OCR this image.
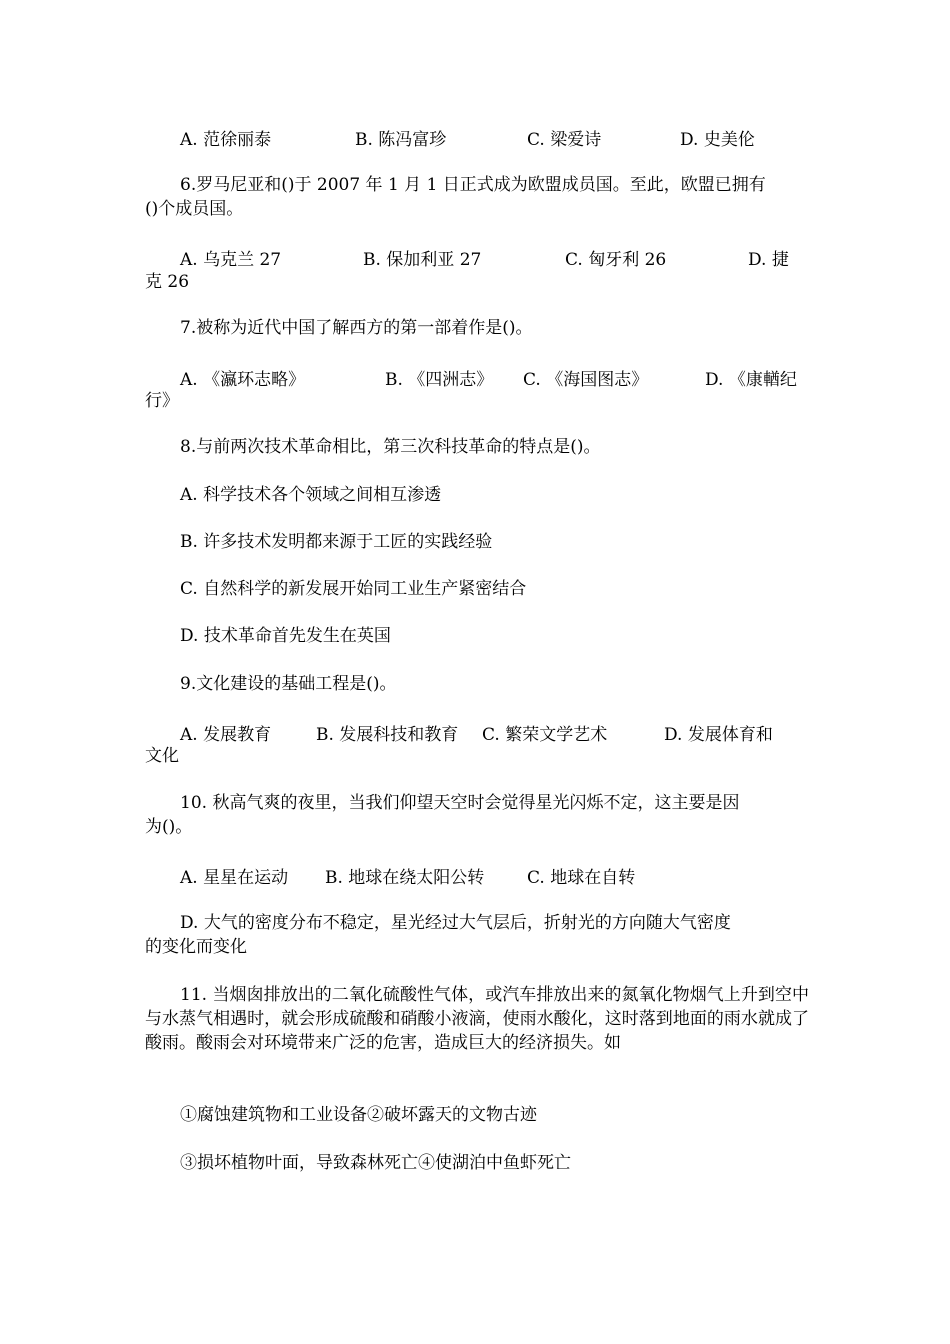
A. 范徐丽泰	B. 陈冯富珍	C. 梁爱诗	D. 史美伦
6.罗马尼亚和()于 2007 年 1 月 1 日正式成为欧盟成员国。至此，欧盟已拥有
()个成员国。
A. 乌克兰 27	B. 保加利亚 27	C. 匈牙利 26	D. 捷
克 26
7.被称为近代中国了解西方的第一部着作是()。
A. 《瀛环志略》	B. 《四洲志》 C. 《海国图志》	D. 《康輶纪
行》
8.与前两次技术革命相比，第三次科技革命的特点是()。
A. 科学技术各个领域之间相互渗透
B. 许多技术发明都来源于工匠的实践经验
C. 自然科学的新发展开始同工业生产紧密结合
D. 技术革命首先发生在英国
9.文化建设的基础工程是()。
A. 发展教育	B. 发展科技和教育 C. 繁荣文学艺术	D. 发展体育和
文化
10. 秋高气爽的夜里，当我们仰望天空时会觉得星光闪烁不定，这主要是因
为()。
A. 星星在运动 B. 地球在绕太阳公转	C. 地球在自转
D. 大气的密度分布不稳定，星光经过大气层后，折射光的方向随大气密度
的变化而变化
11. 当烟囱排放出的二氧化硫酸性气体，或汽车排放出来的氮氧化物烟气上升到空中与水蒸气相遇时，就会形成硫酸和硝酸小液滴，使雨水酸化，这时落到地面的雨水就成了酸雨。酸雨会对环境带来广泛的危害，造成巨大的经济损失。如
①腐蚀建筑物和工业设备②破坏露天的文物古迹
③损坏植物叶面，导致森林死亡④使湖泊中鱼虾死亡
